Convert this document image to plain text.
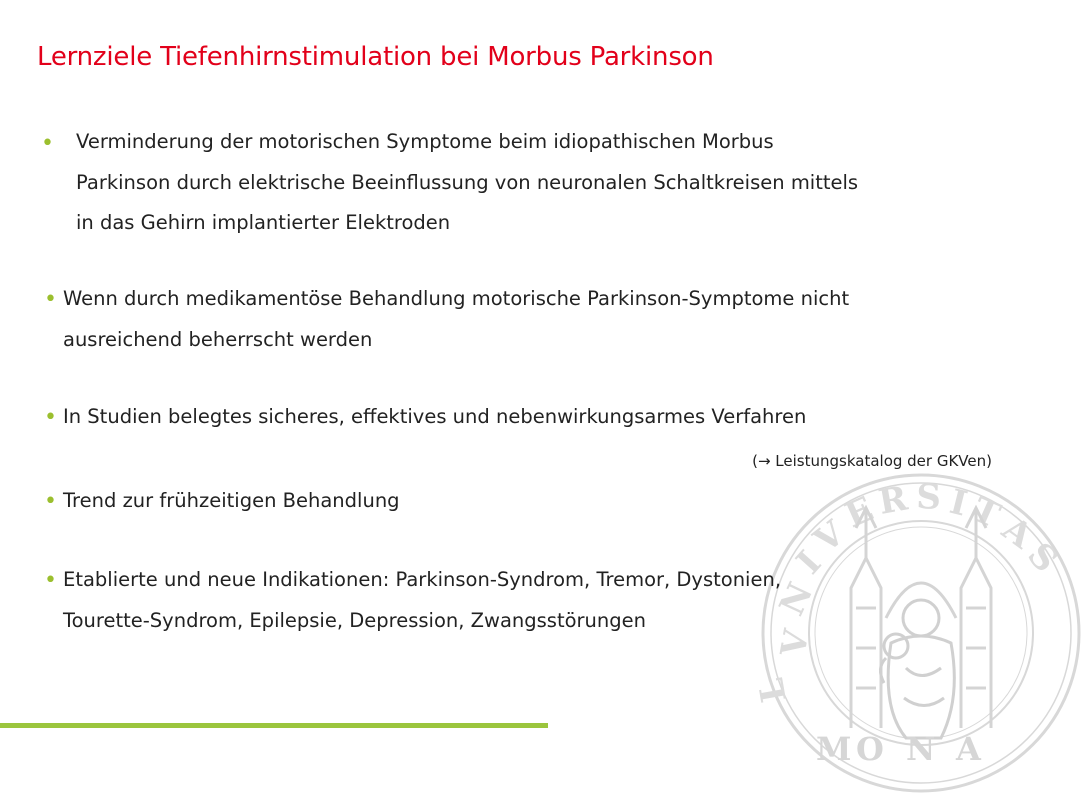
V
N
I
V
E
R S I
T
A
S
L
M O N A
Lernziele Tiefenhirnstimulation bei Morbus Parkinson
• Verminderung der motorischen Symptome beim idiopathischen Morbus
Parkinson durch elektrische Beeinflussung von neuronalen Schaltkreisen mittels
in das Gehirn implantierter Elektroden
• Wenn durch medikamentöse Behandlung motorische Parkinson-Symptome nicht
ausreichend beherrscht werden
• In Studien belegtes sicheres, effektives und nebenwirkungsarmes Verfahren
(→ Leistungskatalog der GKVen)
• Trend zur frühzeitigen Behandlung
• Etablierte und neue Indikationen: Parkinson-Syndrom, Tremor, Dystonien,
Tourette-Syndrom, Epilepsie, Depression, Zwangsstörungen
